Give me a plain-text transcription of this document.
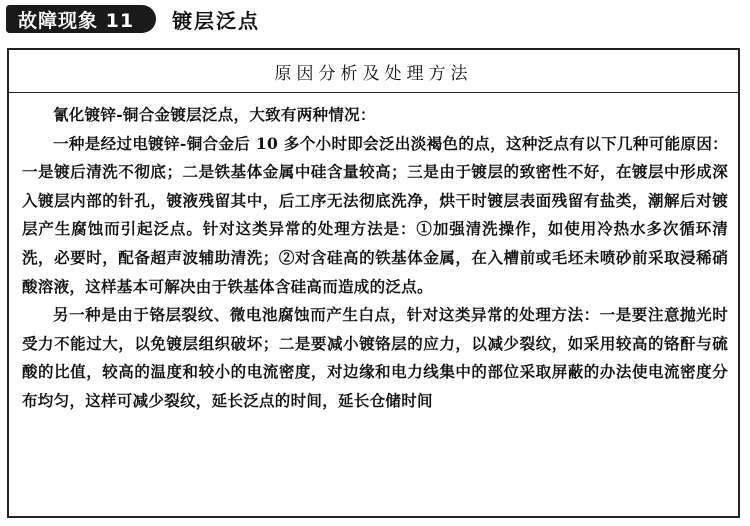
故障现象 11	镀层泛点
原因分析及处理方法

氰化镀锌-铜合金镀层泛点，大致有两种情况：

一种是经过电镀锌-铜合金后 10 多个小时即会泛出淡褐色的点，这种泛点有以下几种可能原因：一是镀后清洗不彻底；二是铁基体金属中硅含量较高；三是由于镀层的致密性不好，在镀层中形成深入镀层内部的针孔，镀液残留其中，后工序无法彻底洗净，烘干时镀层表面残留有盐类，潮解后对镀层产生腐蚀而引起泛点。针对这类异常的处理方法是：①加强清洗操作，如使用冷热水多次循环清洗，必要时，配备超声波辅助清洗；②对含硅高的铁基体金属，在入槽前或毛坯未喷砂前采取浸稀硝酸溶液，这样基本可解决由于铁基体含硅高而造成的泛点。

另一种是由于铬层裂纹、微电池腐蚀而产生白点，针对这类异常的处理方法：一是要注意抛光时受力不能过大，以免镀层组织破坏；二是要减小镀铬层的应力，以减少裂纹，如采用较高的铬酐与硫酸的比值，较高的温度和较小的电流密度，对边缘和电力线集中的部位采取屏蔽的办法使电流密度分布均匀，这样可减少裂纹，延长泛点的时间，延长仓储时间
